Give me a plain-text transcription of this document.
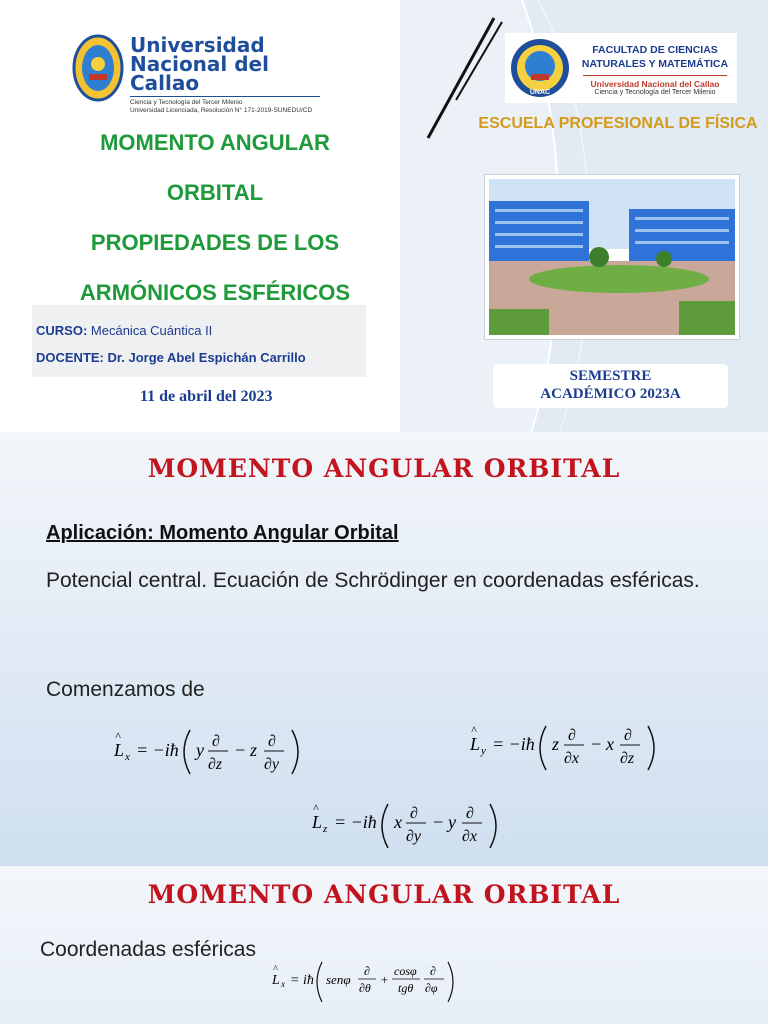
Universidad
Nacional del Callao
Ciencia y Tecnología del Tercer Milenio
Universidad Licenciada, Resolución N° 171-2019-SUNEDU/CD
MOMENTO ANGULAR
ORBITAL
PROPIEDADES DE LOS
ARMÓNICOS ESFÉRICOS
CURSO: Mecánica Cuántica II
DOCENTE: Dr. Jorge Abel Espichán Carrillo
11 de abril del 2023
UNAC
FACULTAD DE CIENCIAS NATURALES Y MATEMÁTICA
Universidad Nacional del Callao
Ciencia y Tecnología del Tercer Milenio
ESCUELA PROFESIONAL DE FÍSICA
SEMESTRE
ACADÉMICO 2023A
MOMENTO ANGULAR ORBITAL
Aplicación: Momento Angular Orbital
Potencial central. Ecuación de Schrödinger en coordenadas esféricas.
Comenzamos de
L
^
x = −iħ y ∂
∂z
− z ∂
∂y
L
^
y = −iħ z ∂
∂x
− x ∂
∂z
L
^
z = −iħ x ∂
∂y
− y ∂
∂x
MOMENTO ANGULAR ORBITAL
Coordenadas esféricas
L
^
x = iħ senφ
∂
∂θ
+
cosφ
tgθ
∂
∂φ
